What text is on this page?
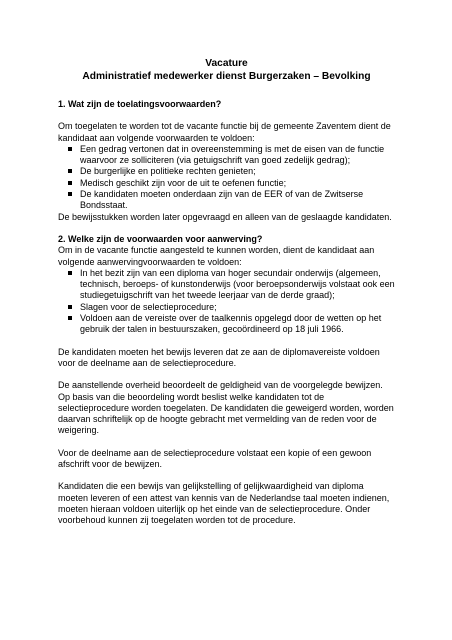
Vacature
Administratief medewerker dienst Burgerzaken – Bevolking
1. Wat zijn de toelatingsvoorwaarden?

Om toegelaten te worden tot de vacante functie bij de gemeente Zaventem dient de kandidaat aan volgende voorwaarden te voldoen:

Een gedrag vertonen dat in overeenstemming is met de eisen van de functie waarvoor ze solliciteren (via getuigschrift van goed zedelijk gedrag);
De burgerlijke en politieke rechten genieten;
Medisch geschikt zijn voor de uit te oefenen functie;
De kandidaten moeten onderdaan zijn van de EER of van de Zwitserse Bondsstaat.

De bewijsstukken worden later opgevraagd en alleen van de geslaagde kandidaten.

2. Welke zijn de voorwaarden voor aanwerving?

Om in de vacante functie aangesteld te kunnen worden, dient de kandidaat aan volgende aanwervingvoorwaarden te voldoen:

In het bezit zijn van een diploma van hoger secundair onderwijs (algemeen, technisch, beroeps- of kunstonderwijs (voor beroepsonderwijs volstaat ook een studiegetuigschrift van het tweede leerjaar van de derde graad);
Slagen voor de selectieprocedure;
Voldoen aan de vereiste over de taalkennis opgelegd door de wetten op het gebruik der talen in bestuurszaken, gecoördineerd op 18 juli 1966.

De kandidaten moeten het bewijs leveren dat ze aan de diplomavereiste voldoen voor de deelname aan de selectieprocedure.

De aanstellende overheid beoordeelt de geldigheid van de voorgelegde bewijzen. Op basis van die beoordeling wordt beslist welke kandidaten tot de selectieprocedure worden toegelaten. De kandidaten die geweigerd worden, worden daarvan schriftelijk op de hoogte gebracht met vermelding van de reden voor de weigering.

Voor de deelname aan de selectieprocedure volstaat een kopie of een gewoon afschrift voor de bewijzen.

Kandidaten die een bewijs van gelijkstelling of gelijkwaardigheid van diploma moeten leveren of een attest van kennis van de Nederlandse taal moeten indienen, moeten hieraan voldoen uiterlijk op het einde van de selectieprocedure. Onder voorbehoud kunnen zij toegelaten worden tot de procedure.
